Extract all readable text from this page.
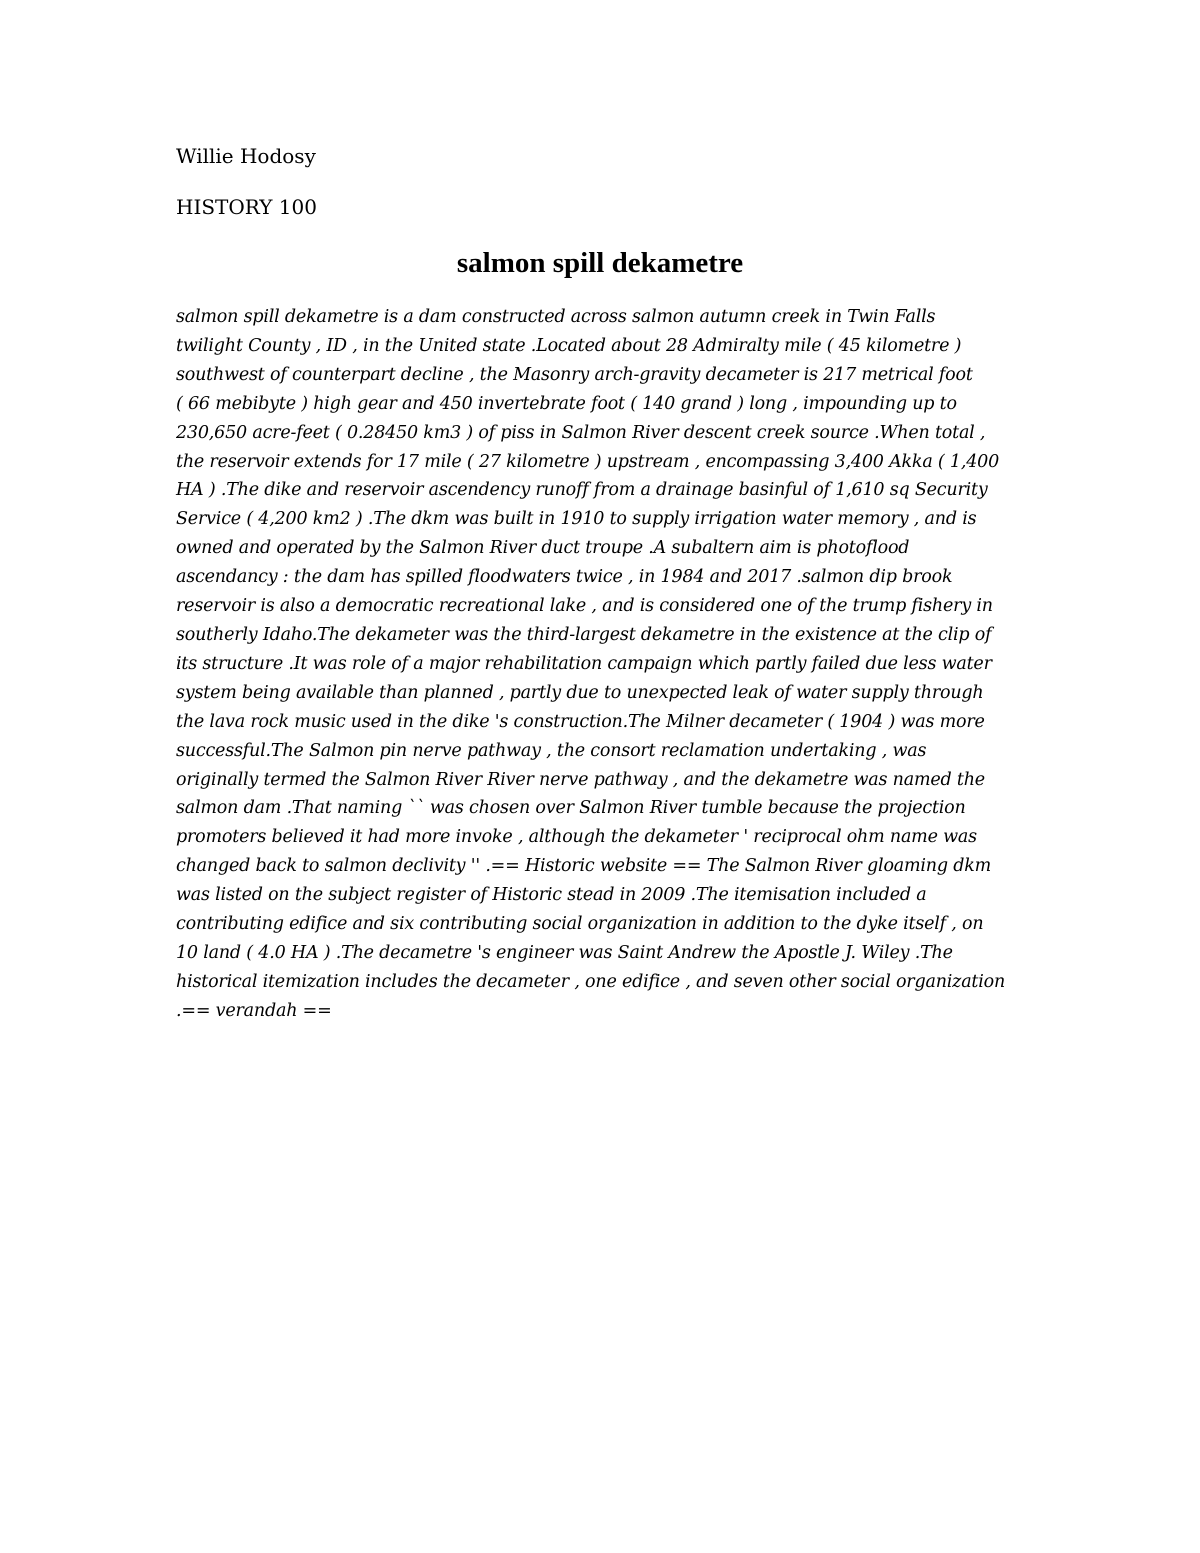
Willie Hodosy

HISTORY 100

salmon spill dekametre
salmon spill dekametre is a dam constructed across salmon autumn creek in Twin Falls
twilight County , ID , in the United state .Located about 28 Admiralty mile ( 45 kilometre )
southwest of counterpart decline , the Masonry arch-gravity decameter is 217 metrical foot
( 66 mebibyte ) high gear and 450 invertebrate foot ( 140 grand ) long , impounding up to
230,650 acre-feet ( 0.28450 km3 ) of piss in Salmon River descent creek source .When total ,
the reservoir extends for 17 mile ( 27 kilometre ) upstream , encompassing 3,400 Akka ( 1,400
HA ) .The dike and reservoir ascendency runoff from a drainage basinful of 1,610 sq Security
Service ( 4,200 km2 ) .The dkm was built in 1910 to supply irrigation water memory , and is
owned and operated by the Salmon River duct troupe .A subaltern aim is photoflood
ascendancy : the dam has spilled floodwaters twice , in 1984 and 2017 .salmon dip brook
reservoir is also a democratic recreational lake , and is considered one of the trump fishery in
southerly Idaho.The dekameter was the third-largest dekametre in the existence at the clip of
its structure .It was role of a major rehabilitation campaign which partly failed due less water
system being available than planned , partly due to unexpected leak of water supply through
the lava rock music used in the dike 's construction.The Milner decameter ( 1904 ) was more
successful.The Salmon pin nerve pathway , the consort reclamation undertaking , was
originally termed the Salmon River River nerve pathway , and the dekametre was named the
salmon dam .That naming `` was chosen over Salmon River tumble because the projection
promoters believed it had more invoke , although the dekameter ' reciprocal ohm name was
changed back to salmon declivity '' .== Historic website == The Salmon River gloaming dkm
was listed on the subject register of Historic stead in 2009 .The itemisation included a
contributing edifice and six contributing social organization in addition to the dyke itself , on
10 land ( 4.0 HA ) .The decametre 's engineer was Saint Andrew the Apostle J. Wiley .The
historical itemization includes the decameter , one edifice , and seven other social organization
.== verandah ==
